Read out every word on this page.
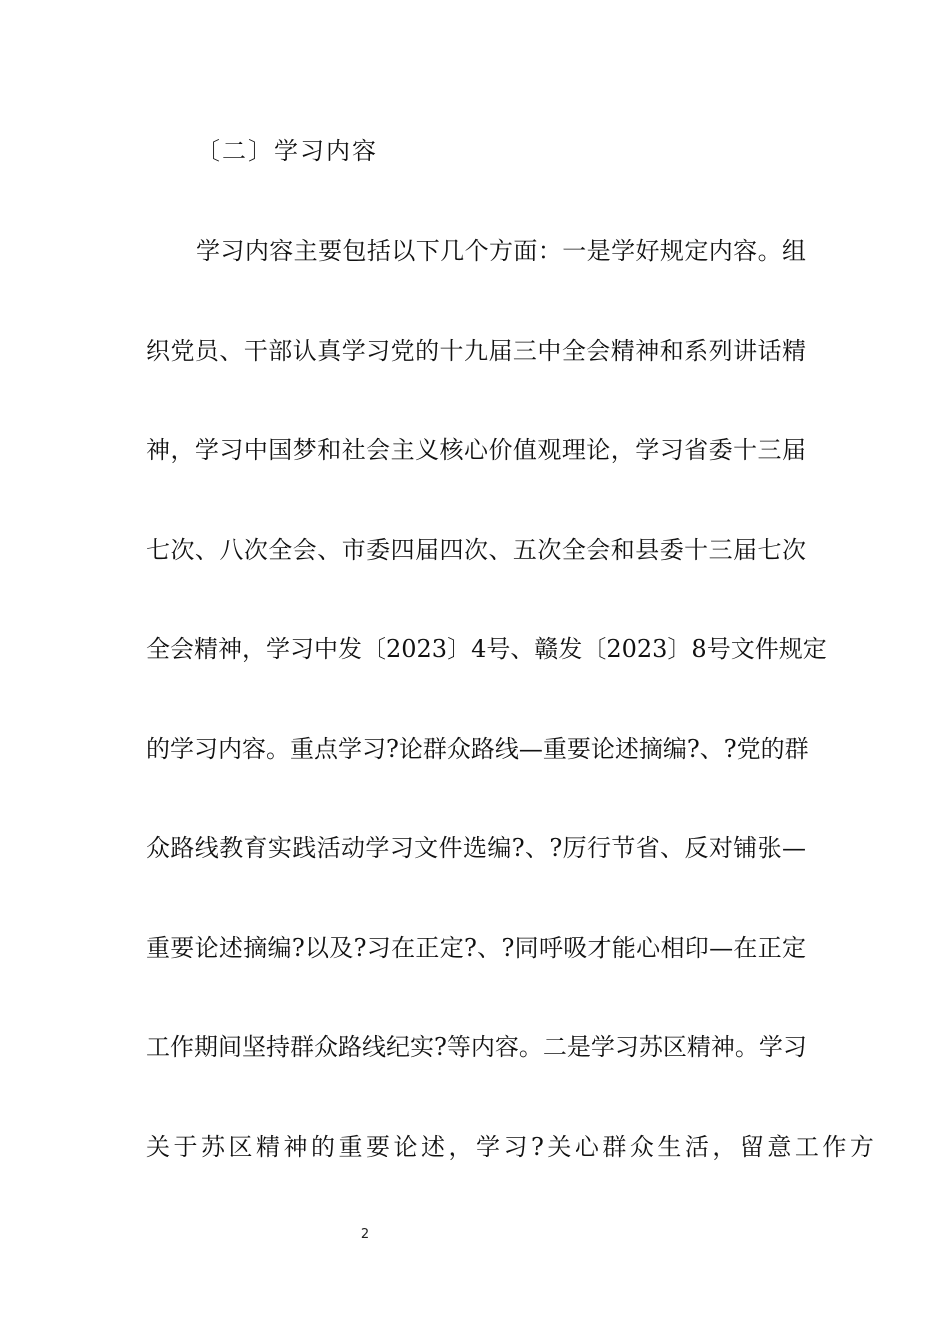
〔二〕学习内容
学习内容主要包括以下几个方面：一是学好规定内容。组
织党员、干部认真学习党的十九届三中全会精神和系列讲话精
神，学习中国梦和社会主义核心价值观理论，学习省委十三届
七次、八次全会、市委四届四次、五次全会和县委十三届七次
全会精神，学习中发〔2023〕4号、赣发〔2023〕8号文件规定
的学习内容。重点学习?论群众路线—重要论述摘编?、?党的群
众路线教育实践活动学习文件选编?、?厉行节省、反对铺张—
重要论述摘编?以及?习在正定?、?同呼吸才能心相印—在正定
工作期间坚持群众路线纪实?等内容。二是学习苏区精神。学习
关于苏区精神的重要论述，学习?关心群众生活，留意工作方
2
